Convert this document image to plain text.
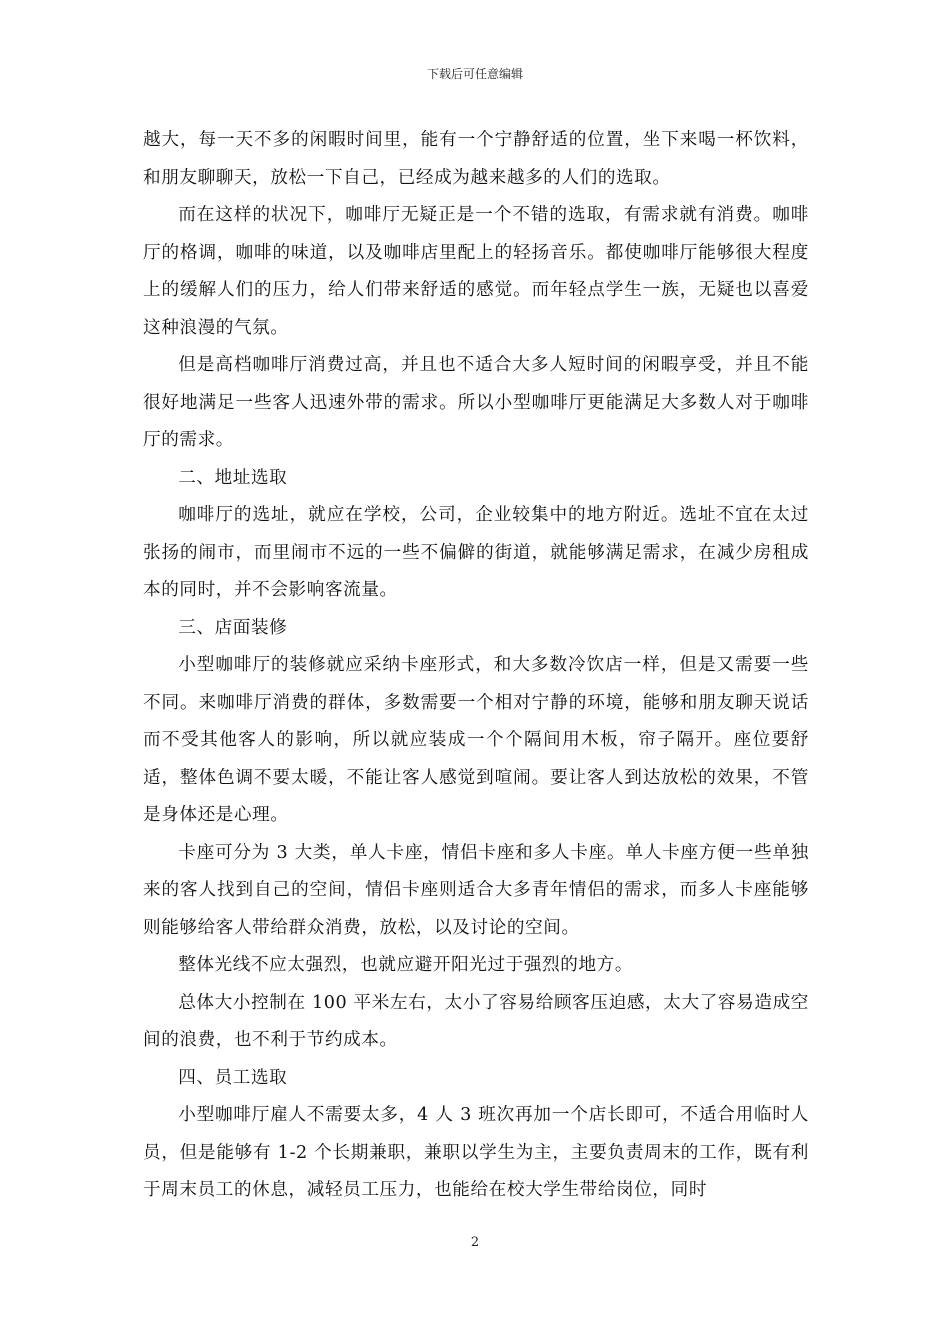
下载后可任意编辑

越大，每一天不多的闲暇时间里，能有一个宁静舒适的位置，坐下来喝一杯饮料，和朋友聊聊天，放松一下自己，已经成为越来越多的人们的选取。

而在这样的状况下，咖啡厅无疑正是一个不错的选取，有需求就有消费。咖啡厅的格调，咖啡的味道，以及咖啡店里配上的轻扬音乐。都使咖啡厅能够很大程度上的缓解人们的压力，给人们带来舒适的感觉。而年轻点学生一族，无疑也以喜爱这种浪漫的气氛。

但是高档咖啡厅消费过高，并且也不适合大多人短时间的闲暇享受，并且不能很好地满足一些客人迅速外带的需求。所以小型咖啡厅更能满足大多数人对于咖啡厅的需求。

二、地址选取

咖啡厅的选址，就应在学校，公司，企业较集中的地方附近。选址不宜在太过张扬的闹市，而里闹市不远的一些不偏僻的街道，就能够满足需求，在减少房租成本的同时，并不会影响客流量。

三、店面装修

小型咖啡厅的装修就应采纳卡座形式，和大多数冷饮店一样，但是又需要一些不同。来咖啡厅消费的群体，多数需要一个相对宁静的环境，能够和朋友聊天说话而不受其他客人的影响，所以就应装成一个个隔间用木板，帘子隔开。座位要舒适，整体色调不要太暖，不能让客人感觉到喧闹。要让客人到达放松的效果，不管是身体还是心理。

卡座可分为 3 大类，单人卡座，情侣卡座和多人卡座。单人卡座方便一些单独来的客人找到自己的空间，情侣卡座则适合大多青年情侣的需求，而多人卡座能够则能够给客人带给群众消费，放松，以及讨论的空间。

整体光线不应太强烈，也就应避开阳光过于强烈的地方。

总体大小控制在 100 平米左右，太小了容易给顾客压迫感，太大了容易造成空间的浪费，也不利于节约成本。

四、员工选取

小型咖啡厅雇人不需要太多，4 人 3 班次再加一个店长即可，不适合用临时人员，但是能够有 1-2 个长期兼职，兼职以学生为主，主要负责周末的工作，既有利于周末员工的休息，减轻员工压力，也能给在校大学生带给岗位，同时

2
